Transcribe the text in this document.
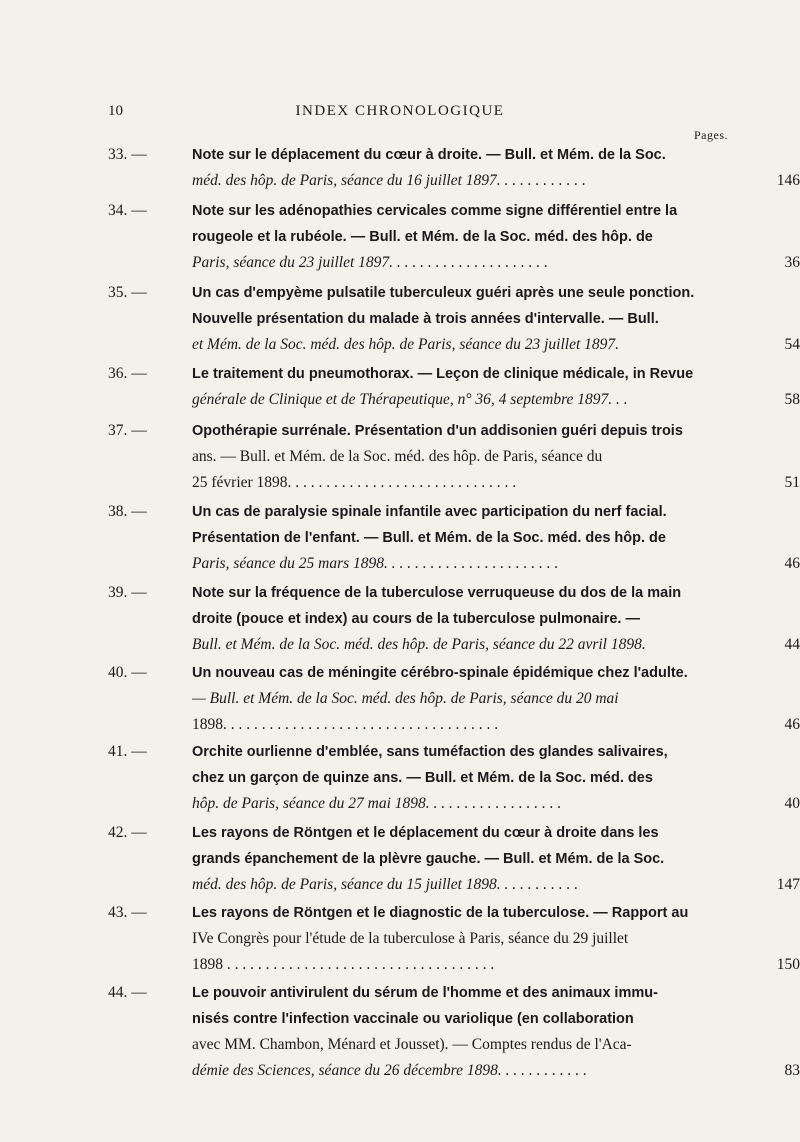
10	INDEX CHRONOLOGIQUE
Pages.
33. —	Note sur le déplacement du cœur à droite. — Bull. et Mém. de la Soc.
méd. des hôp. de Paris, séance du 16 juillet 1897. . . . . . . . . . . .	146
34. —	Note sur les adénopathies cervicales comme signe différentiel entre la
rougeole et la rubéole. — Bull. et Mém. de la Soc. méd. des hôp. de
Paris, séance du 23 juillet 1897. . . . . . . . . . . . . . . . . . . . .	36
35. —	Un cas d'empyème pulsatile tuberculeux guéri après une seule ponction.
Nouvelle présentation du malade à trois années d'intervalle. — Bull.
et Mém. de la Soc. méd. des hôp. de Paris, séance du 23 juillet 1897.	54
36. —	Le traitement du pneumothorax. — Leçon de clinique médicale, in Revue
générale de Clinique et de Thérapeutique, n° 36, 4 septembre 1897. . .	58
37. —	Opothérapie surrénale. Présentation d'un addisonien guéri depuis trois
ans. — Bull. et Mém. de la Soc. méd. des hôp. de Paris, séance du
25 février 1898. . . . . . . . . . . . . . . . . . . . . . . . . . . . . .	51
38. —	Un cas de paralysie spinale infantile avec participation du nerf facial.
Présentation de l'enfant. — Bull. et Mém. de la Soc. méd. des hôp. de
Paris, séance du 25 mars 1898. . . . . . . . . . . . . . . . . . . . . . .	46
39. —	Note sur la fréquence de la tuberculose verruqueuse du dos de la main
droite (pouce et index) au cours de la tuberculose pulmonaire. —
Bull. et Mém. de la Soc. méd. des hôp. de Paris, séance du 22 avril 1898.	44
40. —	Un nouveau cas de méningite cérébro-spinale épidémique chez l'adulte.
— Bull. et Mém. de la Soc. méd. des hôp. de Paris, séance du 20 mai
1898. . . . . . . . . . . . . . . . . . . . . . . . . . . . . . . . . . . .	46
41. —	Orchite ourlienne d'emblée, sans tuméfaction des glandes salivaires,
chez un garçon de quinze ans. — Bull. et Mém. de la Soc. méd. des
hôp. de Paris, séance du 27 mai 1898. . . . . . . . . . . . . . . . . .	40
42. —	Les rayons de Röntgen et le déplacement du cœur à droite dans les
grands épanchement de la plèvre gauche. — Bull. et Mém. de la Soc.
méd. des hôp. de Paris, séance du 15 juillet 1898. . . . . . . . . . .	147
43. —	Les rayons de Röntgen et le diagnostic de la tuberculose. — Rapport au
IVe Congrès pour l'étude de la tuberculose à Paris, séance du 29 juillet
1898 . . . . . . . . . . . . . . . . . . . . . . . . . . . . . . . . . . .	150
44. —	Le pouvoir antivirulent du sérum de l'homme et des animaux immu-
nisés contre l'infection vaccinale ou variolique (en collaboration
avec MM. Chambon, Ménard et Jousset). — Comptes rendus de l'Aca-
démie des Sciences, séance du 26 décembre 1898. . . . . . . . . . . .	83
